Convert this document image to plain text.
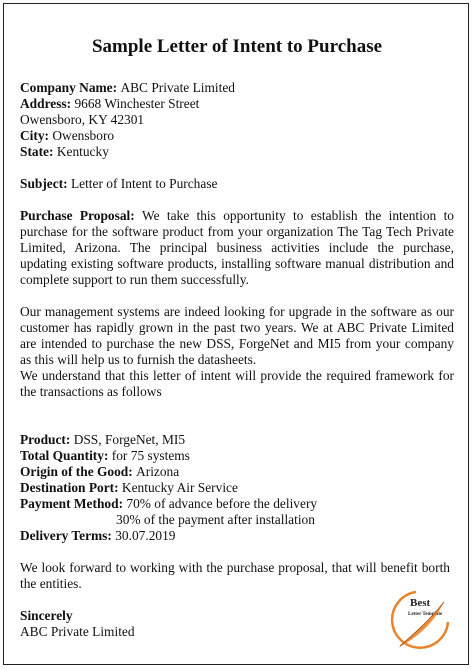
Sample Letter of Intent to Purchase
Company Name: ABC Private Limited
Address: 9668 Winchester Street
Owensboro, KY 42301
City: Owensboro
State: Kentucky
Subject: Letter of Intent to Purchase
Purchase Proposal: We take this opportunity to establish the intention to purchase for the software product from your organization The Tag Tech Private Limited, Arizona. The principal business activities include the purchase, updating existing software products, installing software manual distribution and complete support to run them successfully.
Our management systems are indeed looking for upgrade in the software as our customer has rapidly grown in the past two years. We at ABC Private Limited are intended to purchase the new DSS, ForgeNet and MI5 from your company as this will help us to furnish the datasheets.
We understand that this letter of intent will provide the required framework for the transactions as follows
Product: DSS, ForgeNet, MI5
Total Quantity: for 75 systems
Origin of the Good: Arizona
Destination Port: Kentucky Air Service
Payment Method: 70% of advance before the delivery
30% of the payment after installation
Delivery Terms: 30.07.2019
We look forward to working with the purchase proposal, that will benefit borth the entities.
Sincerely
ABC Private Limited
Best
Letter Template
